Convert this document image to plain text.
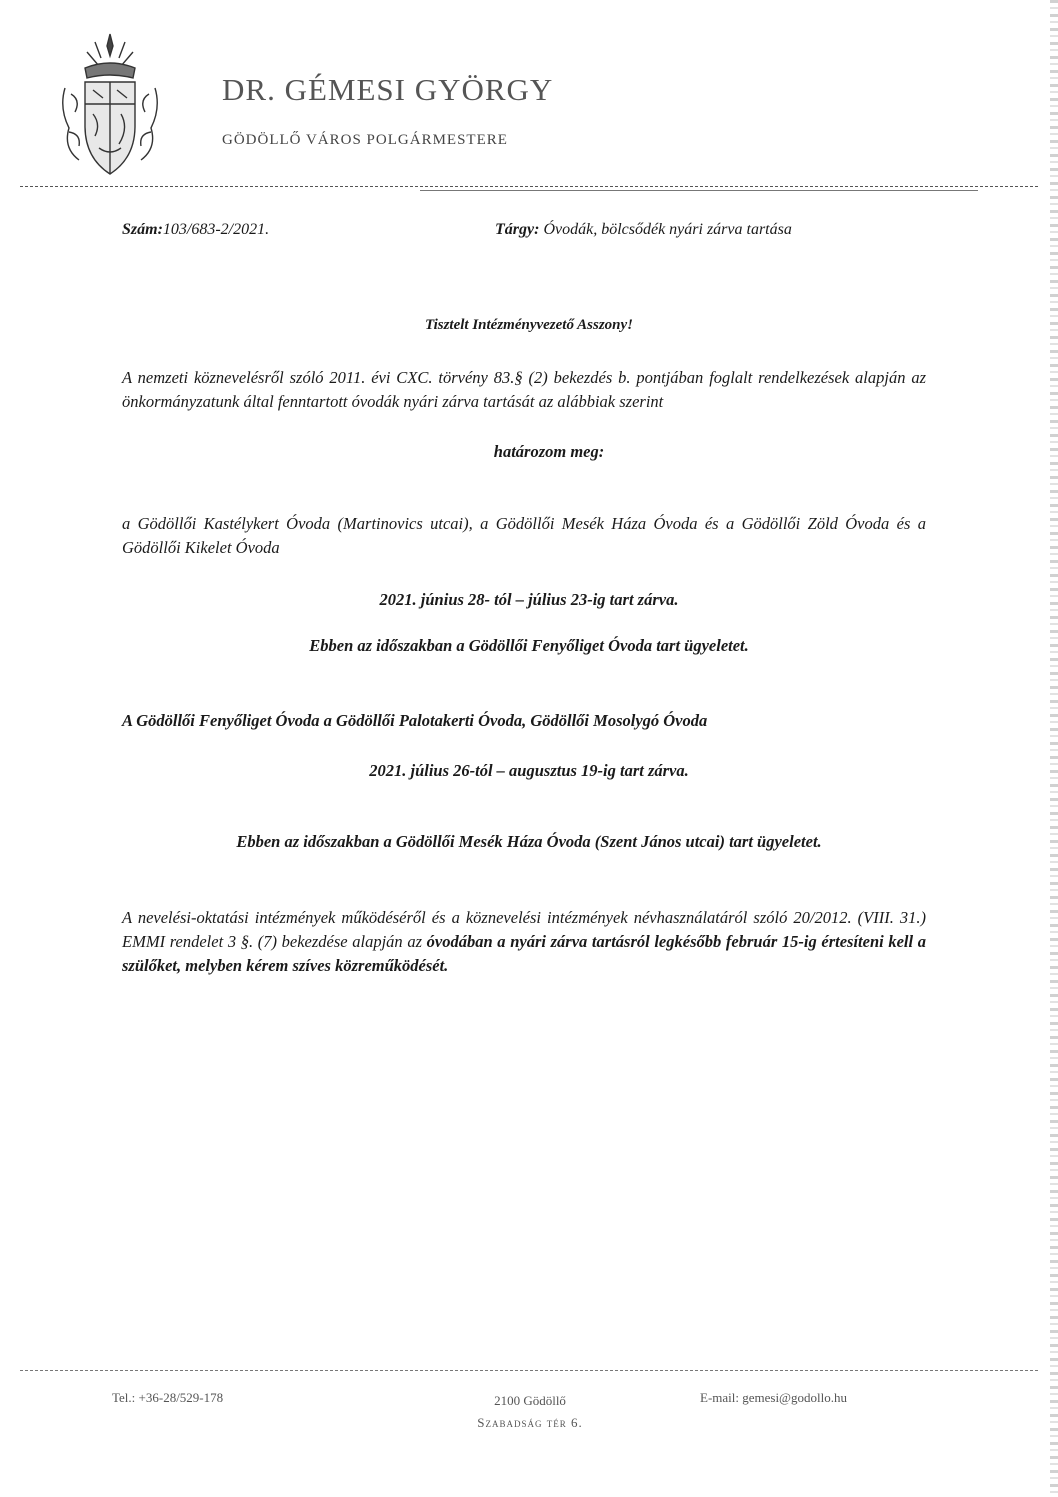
DR. GÉMESI GYÖRGY
GÖDÖLLŐ VÁROS POLGÁRMESTERE
Szám:103/683-2/2021.	Tárgy: Óvodák, bölcsődék nyári zárva tartása
Tisztelt Intézményvezető Asszony!

A nemzeti köznevelésről szóló 2011. évi CXC. törvény 83.§ (2) bekezdés b. pontjában foglalt rendelkezések alapján az önkormányzatunk által fenntartott óvodák nyári zárva tartását az alábbiak szerint

határozom meg:

a Gödöllői Kastélykert Óvoda (Martinovics utcai), a Gödöllői Mesék Háza Óvoda és a Gödöllői Zöld Óvoda és a Gödöllői Kikelet Óvoda

2021. június 28- tól – július 23-ig tart zárva.
Ebben az időszakban a Gödöllői Fenyőliget Óvoda tart ügyeletet.

A Gödöllői Fenyőliget Óvoda a Gödöllői Palotakerti Óvoda, Gödöllői Mosolygó Óvoda

2021. július 26-tól – augusztus 19-ig tart zárva.
Ebben az időszakban a Gödöllői Mesék Háza Óvoda (Szent János utcai) tart ügyeletet.

A nevelési-oktatási intézmények működéséről és a köznevelési intézmények névhasználatáról szóló 20/2012. (VIII. 31.) EMMI rendelet 3 §. (7) bekezdése alapján az óvodában a nyári zárva tartásról legkésőbb február 15-ig értesíteni kell a szülőket, melyben kérem szíves közreműködését.

Tel.: +36-28/529-178	2100 Gödöllő
Szabadság tér 6.
E-mail: gemesi@godollo.hu
